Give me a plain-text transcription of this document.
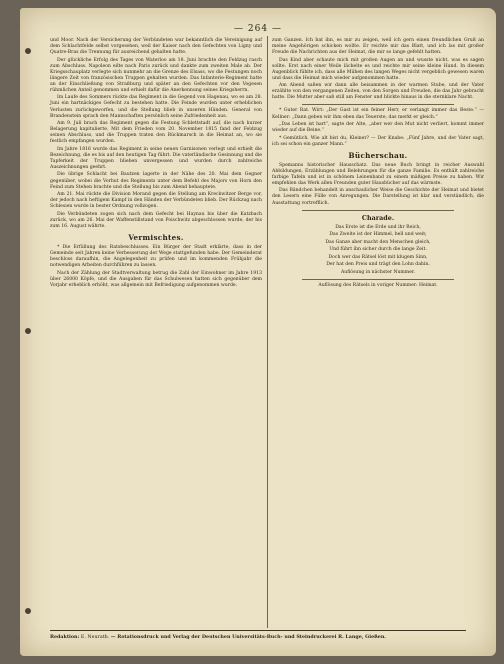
— 264 —

und Moor. Nach der Versicherung der Verbündeten war bekanntlich die Vereinigung auf dem Schlachtfelde selbst vorgesehen, weil der Kaiser nach den Gefechten von Ligny und Quatre-Bras die Trennung für ausreichend gehalten hatte.

Der glückliche Erfolg des Tages von Waterloo am 18. Juni brachte den Feldzug rasch zum Abschluss. Napoleon eilte nach Paris zurück und dankte zum zweiten Male ab. Der Kriegsschauplatz verlegte sich nunmehr an die Grenze des Elsass, wo die Festungen noch längere Zeit von französischen Truppen gehalten wurden. Das Infanterie-Regiment hatte an der Einschließung von Straßburg und später an den Gefechten vor den Vogesen rühmlichen Anteil genommen und erhielt dafür die Anerkennung seines Kriegsherrn.

Im Laufe des Sommers rückte das Regiment in die Gegend von Hagenau, wo es am 28. Juni ein hartnäckiges Gefecht zu bestehen hatte. Die Feinde wurden unter erheblichen Verlusten zurückgeworfen, und die Stellung blieb in unseren Händen. General von Brandenstein sprach den Mannschaften persönlich seine Zufriedenheit aus.

Am 9. Juli brach das Regiment gegen die Festung Schlettstadt auf, die nach kurzer Belagerung kapitulierte. Mit dem Frieden vom 20. November 1815 fand der Feldzug seinen Abschluss, und die Truppen traten den Rückmarsch in die Heimat an, wo sie festlich empfangen wurden.

Im Jahre 1816 wurde das Regiment in seine neuen Garnisonen verlegt und erhielt die Bezeichnung, die es bis auf den heutigen Tag führt. Die vaterländische Gesinnung und die Tapferkeit der Truppen blieben unvergessen und wurden durch zahlreiche Auszeichnungen geehrt.

Die übrige Schlacht bei Bautzen lagerte in der Nähe des 20. Mai dem Gegner gegenüber, wobei die Vorhut des Regiments unter dem Befehl des Majors von Horn den Feind zum Stehen brachte und die Stellung bis zum Abend behauptete.

Am 21. Mai rückte die Division Morand gegen die Stellung am Kreckwitzer Berge vor, der jedoch nach heftigem Kampf in den Händen der Verbündeten blieb. Der Rückzug nach Schlesien wurde in bester Ordnung vollzogen.

Die Verbündeten zogen sich nach dem Gefecht bei Haynau bis über die Katzbach zurück, wo am 26. Mai der Waffenstillstand von Poischwitz abgeschlossen wurde, der bis zum 16. August währte.

Vermischtes.

* Die Erfüllung des Ratsbeschlusses. Ein Bürger der Stadt erklärte, dass in der Gemeinde seit Jahren keine Verbesserung der Wege stattgefunden habe. Der Gemeinderat beschloss daraufhin, die Angelegenheit zu prüfen und im kommenden Frühjahr die notwendigen Arbeiten durchführen zu lassen.

Nach der Zählung der Stadtverwaltung betrug die Zahl der Einwohner im Jahre 1913 über 26000 Köpfe, und die Ausgaben für das Schulwesen hatten sich gegenüber dem Vorjahr erheblich erhöht, was allgemein mit Befriedigung aufgenommen wurde.

zum Ganzen. Ich bat ihn, es mir zu zeigen, weil ich gern einen freundlichen Gruß an meine Angehörigen schicken wollte. Er reichte mir das Blatt, und ich las mit großer Freude die Nachrichten aus der Heimat, die mir so lange gefehlt hatten.

Das Kind aber schaute mich mit großen Augen an und wusste nicht, was es sagen sollte. Erst nach einer Weile lächelte es und reichte mir seine kleine Hand. In diesem Augenblick fühlte ich, dass alle Mühen des langen Weges nicht vergeblich gewesen waren und dass die Heimat mich wieder aufgenommen hatte.

Am Abend saßen wir dann alle beisammen in der warmen Stube, und der Vater erzählte von den vergangenen Zeiten, von den Sorgen und Freuden, die das Jahr gebracht hatte. Die Mutter aber saß still am Fenster und blickte hinaus in die sternklare Nacht.

* Guter Rat. Wirt: „Der Gast ist ein feiner Herr, er verlangt immer das Beste.“ — Kellner: „Dann geben wir ihm eben das Teuerste, das merkt er gleich.“

„Das Leben ist hart“, sagte der Alte, „aber wer den Mut nicht verliert, kommt immer wieder auf die Beine.“

* Gemütlich. Wie alt bist du, Kleiner? — Der Knabe: „Fünf Jahre, und der Vater sagt, ich sei schon ein ganzer Mann.“

Bücherschau.

Spemanns historischer Hausschatz. Das neue Buch bringt in reicher Auswahl Abbildungen, Erzählungen und Belehrungen für die ganze Familie. Es enthält zahlreiche farbige Tafeln und ist in schönem Leinenband zu einem mäßigen Preise zu haben. Wir empfehlen das Werk allen Freunden guter Hausbücher auf das wärmste.

Das Bändchen behandelt in anschaulicher Weise die Geschichte der Heimat und bietet den Lesern eine Fülle von Anregungen. Die Darstellung ist klar und verständlich, die Ausstattung vortrefflich.

Charade.

Das Erste ist die Erde und ihr Reich,

Das Zweite ist der Himmel, hell und weit;

Das Ganze aber macht den Menschen gleich,

Und führt ihn sicher durch die lange Zeit.

Doch wer das Rätsel löst mit klugem Sinn,

Der hat den Preis und trägt den Lohn dahin.

Auflösung in nächster Nummer.

Auflösung des Rätsels in voriger Nummer: Heimat.

Redaktion: E. Neurath. — Rotationsdruck und Verlag der Deutschen Universitäts-Buch- und Steindruckerei R. Lange, Gießen.
